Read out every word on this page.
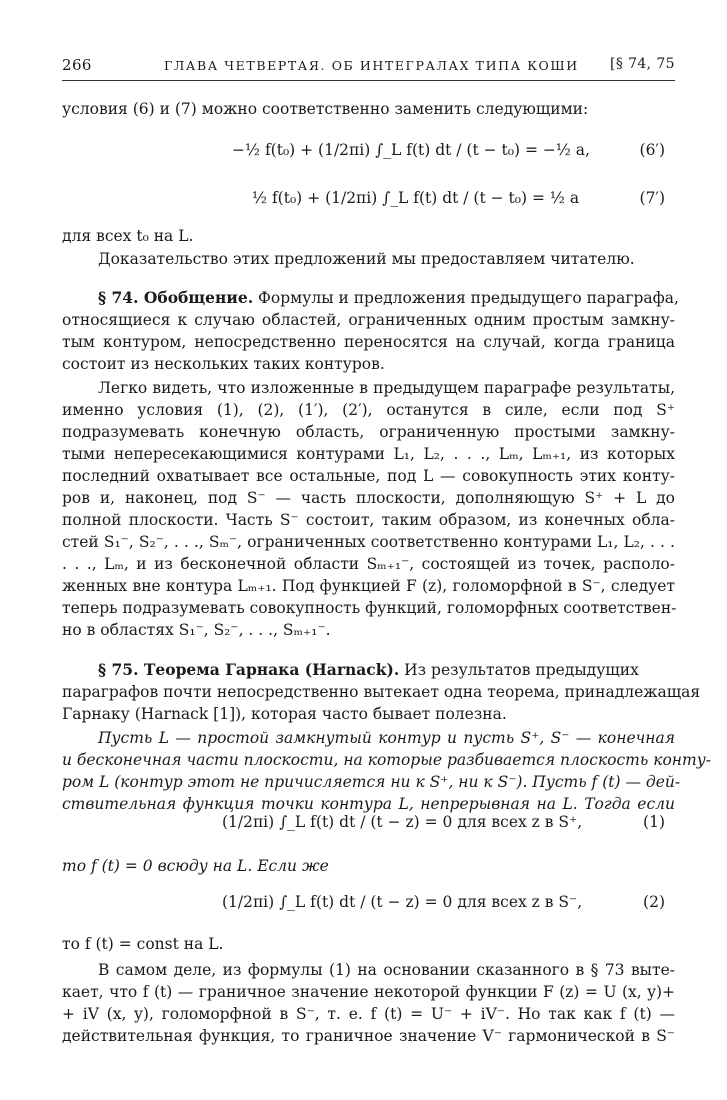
266	ГЛАВА ЧЕТВЕРТАЯ. ОБ ИНТЕГРАЛАХ ТИПА КОШИ [§ 74, 75
условия (6) и (7) можно соответственно заменить следующими:
−½ f(t₀) + (1/2πi) ∫_L f(t) dt / (t − t₀) = −½ a,	(6′)
½ f(t₀) + (1/2πi) ∫_L f(t) dt / (t − t₀) = ½ a	(7′)
для всех t₀ на L.
Доказательство этих предложений мы предоставляем читателю.
§ 74. Обобщение. Формулы и предложения предыдущего параграфа,
относящиеся к случаю областей, ограниченных одним простым замкну-
тым контуром, непосредственно переносятся на случай, когда граница
состоит из нескольких таких контуров.
Легко видеть, что изложенные в предыдущем параграфе результаты,
именно условия (1), (2), (1′), (2′), останутся в силе, если под S⁺
подразумевать конечную область, ограниченную простыми замкну-
тыми непересекающимися контурами L₁, L₂, . . ., Lₘ, Lₘ₊₁, из которых
последний охватывает все остальные, под L — совокупность этих конту-
ров и, наконец, под S⁻ — часть плоскости, дополняющую S⁺ + L до
полной плоскости. Часть S⁻ состоит, таким образом, из конечных обла-
стей S₁⁻, S₂⁻, . . ., Sₘ⁻, ограниченных соответственно контурами L₁, L₂, . . .
. . ., Lₘ, и из бесконечной области Sₘ₊₁⁻, состоящей из точек, располо-
женных вне контура Lₘ₊₁. Под функцией F (z), голоморфной в S⁻, следует
теперь подразумевать совокупность функций, голоморфных соответствен-
но в областях S₁⁻, S₂⁻, . . ., Sₘ₊₁⁻.
§ 75. Теорема Гарнака (Harnack). Из результатов предыдущих
параграфов почти непосредственно вытекает одна теорема, принадлежащая
Гарнаку (Harnack [1]), которая часто бывает полезна.
Пусть L — простой замкнутый контур и пусть S⁺, S⁻ — конечная
и бесконечная части плоскости, на которые разбивается плоскость конту-
ром L (контур этот не причисляется ни к S⁺, ни к S⁻). Пусть f (t) — дей-
ствительная функция точки контура L, непрерывная на L. Тогда если
(1/2πi) ∫_L f(t) dt / (t − z) = 0 для всех z в S⁺,	(1)
то f (t) = 0 всюду на L. Если же
(1/2πi) ∫_L f(t) dt / (t − z) = 0 для всех z в S⁻,	(2)
то f (t) = const на L.
В самом деле, из формулы (1) на основании сказанного в § 73 выте-
кает, что f (t) — граничное значение некоторой функции F (z) = U (x, y)+
+ iV (x, y), голоморфной в S⁻, т. е. f (t) = U⁻ + iV⁻. Но так как f (t) —
действительная функция, то граничное значение V⁻ гармонической в S⁻
